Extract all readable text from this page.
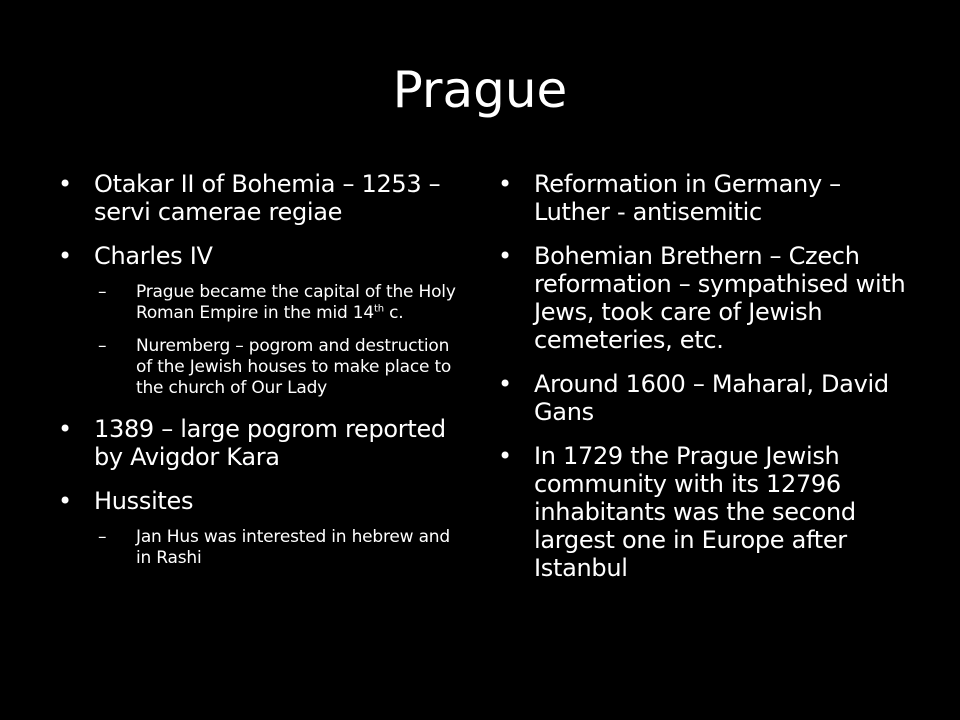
Prague
• Otakar II of Bohemia – 1253 – servi camerae regiae
• Charles IV
– Prague became the capital of the Holy Roman Empire in the mid 14th c.
– Nuremberg – pogrom and destruction of the Jewish houses to make place to the church of Our Lady
• 1389 – large pogrom reported by Avigdor Kara
• Hussites
– Jan Hus was interested in hebrew and in Rashi
• Reformation in Germany – Luther - antisemitic
• Bohemian Brethern – Czech reformation – sympathised with Jews, took care of Jewish cemeteries, etc.
• Around 1600 – Maharal, David Gans
• In 1729 the Prague Jewish community with its 12796 inhabitants was the second largest one in Europe after Istanbul
